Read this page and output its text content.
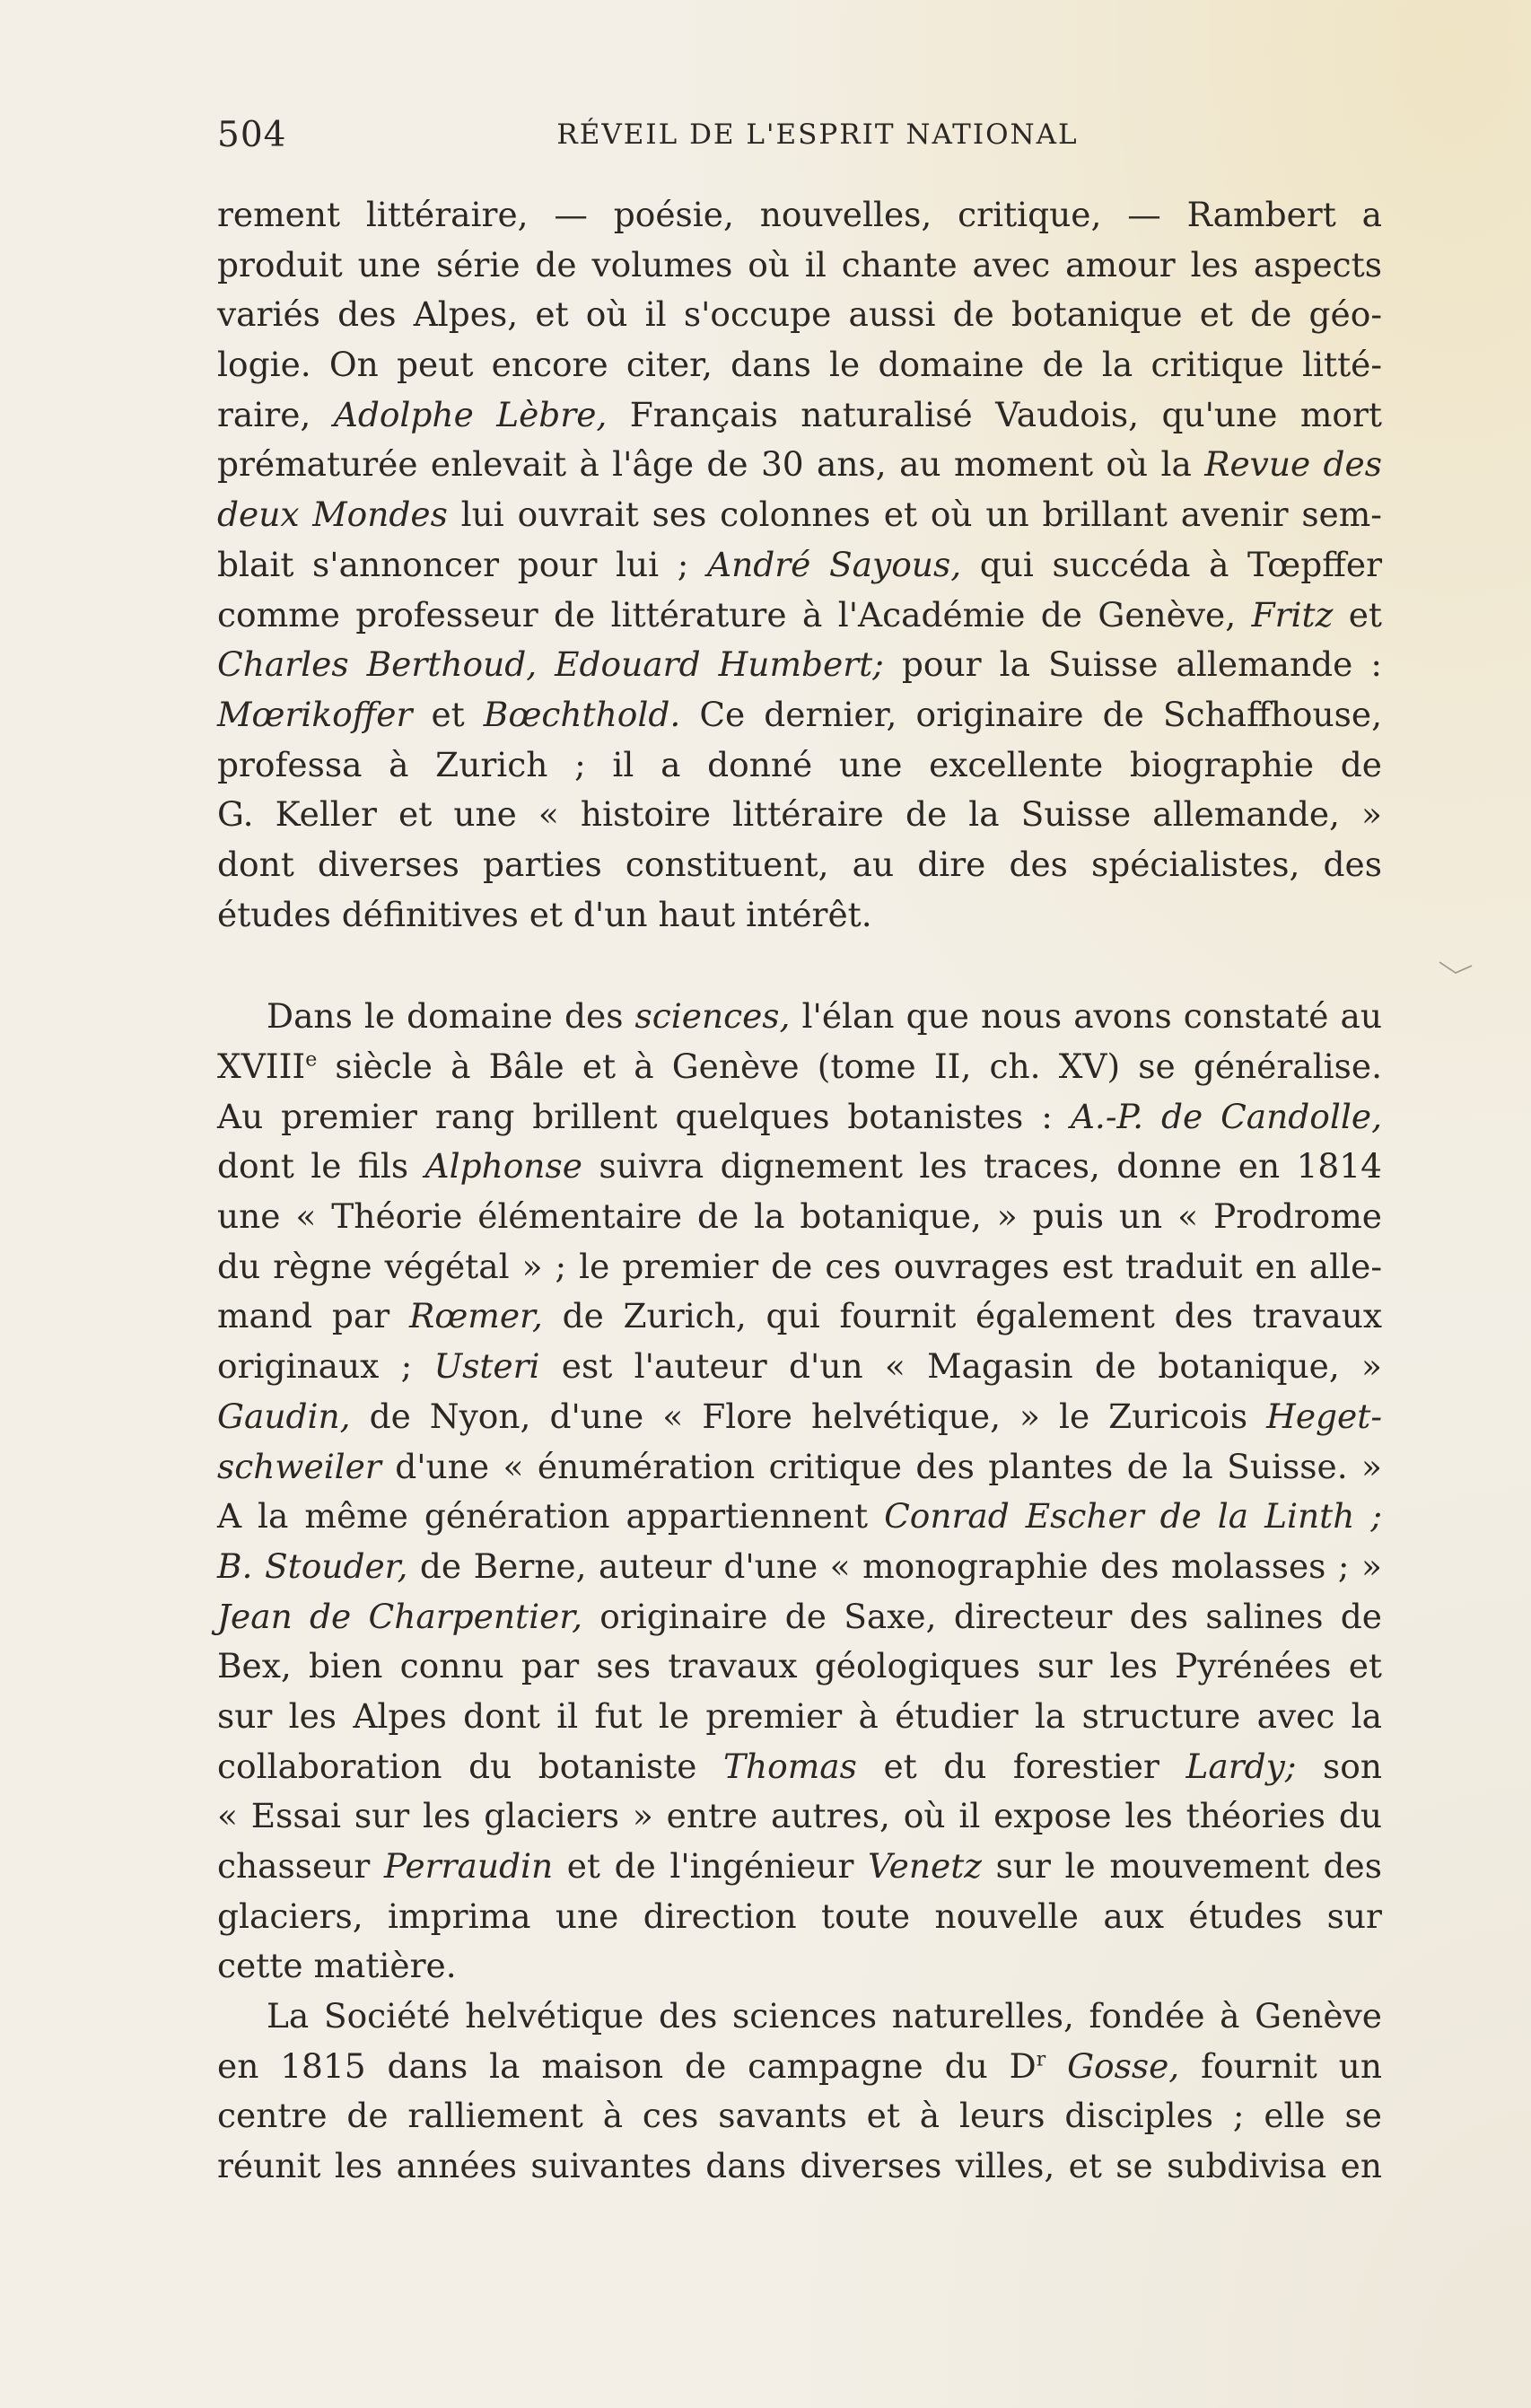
504	RÉVEIL DE L'ESPRIT NATIONAL
rement littéraire, — poésie, nouvelles, critique, — Rambert a
produit une série de volumes où il chante avec amour les aspects
variés des Alpes, et où il s'occupe aussi de botanique et de géo-
logie. On peut encore citer, dans le domaine de la critique litté-
raire, Adolphe Lèbre, Français naturalisé Vaudois, qu'une mort
prématurée enlevait à l'âge de 30 ans, au moment où la Revue des
deux Mondes lui ouvrait ses colonnes et où un brillant avenir sem-
blait s'annoncer pour lui ; André Sayous, qui succéda à Tœpffer
comme professeur de littérature à l'Académie de Genève, Fritz et
Charles Berthoud, Edouard Humbert; pour la Suisse allemande :
Mœrikoffer et Bœchthold. Ce dernier, originaire de Schaffhouse,
professa à Zurich ; il a donné une excellente biographie de
G. Keller et une « histoire littéraire de la Suisse allemande, »
dont diverses parties constituent, au dire des spécialistes, des
études définitives et d'un haut intérêt.
Dans le domaine des sciences, l'élan que nous avons constaté au
XVIIIe siècle à Bâle et à Genève (tome II, ch. XV) se généralise.
Au premier rang brillent quelques botanistes : A.-P. de Candolle,
dont le fils Alphonse suivra dignement les traces, donne en 1814
une « Théorie élémentaire de la botanique, » puis un « Prodrome
du règne végétal » ; le premier de ces ouvrages est traduit en alle-
mand par Rœmer, de Zurich, qui fournit également des travaux
originaux ; Usteri est l'auteur d'un « Magasin de botanique, »
Gaudin, de Nyon, d'une « Flore helvétique, » le Zuricois Heget-
schweiler d'une « énumération critique des plantes de la Suisse. »
A la même génération appartiennent Conrad Escher de la Linth ;
B. Stouder, de Berne, auteur d'une « monographie des molasses ; »
Jean de Charpentier, originaire de Saxe, directeur des salines de
Bex, bien connu par ses travaux géologiques sur les Pyrénées et
sur les Alpes dont il fut le premier à étudier la structure avec la
collaboration du botaniste Thomas et du forestier Lardy; son
« Essai sur les glaciers » entre autres, où il expose les théories du
chasseur Perraudin et de l'ingénieur Venetz sur le mouvement des
glaciers, imprima une direction toute nouvelle aux études sur
cette matière.
La Société helvétique des sciences naturelles, fondée à Genève
en 1815 dans la maison de campagne du $D^r$ Gosse, fournit un
centre de ralliement à ces savants et à leurs disciples ; elle se
réunit les années suivantes dans diverses villes, et se subdivisa en
